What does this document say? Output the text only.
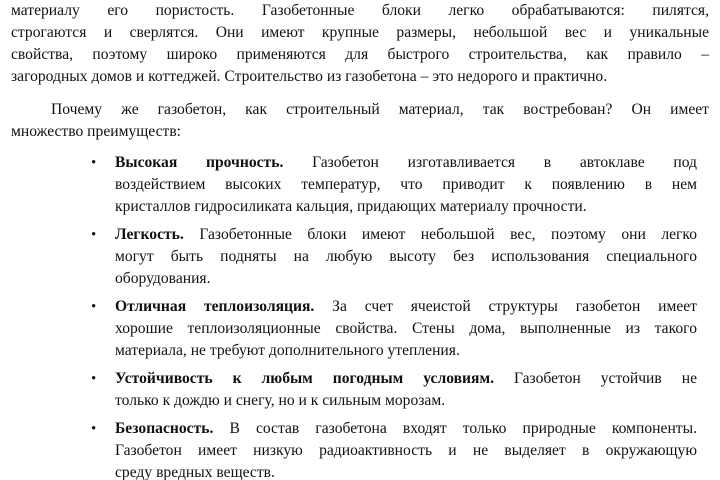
материалу его пористость. Газобетонные блоки легко обрабатываются: пилятся,
строгаются и сверлятся. Они имеют крупные размеры, небольшой вес и уникальные
свойства, поэтому широко применяются для быстрого строительства, как правило –
загородных домов и коттеджей. Строительство из газобетона – это недорого и практично.

Почему же газобетон, как строительный материал, так востребован? Он имеет
множество преимуществ:

• Высокая прочность. Газобетон изготавливается в автоклаве под
воздействием высоких температур, что приводит к появлению в нем
кристаллов гидросиликата кальция, придающих материалу прочности.
• Легкость. Газобетонные блоки имеют небольшой вес, поэтому они легко
могут быть подняты на любую высоту без использования специального
оборудования.
• Отличная теплоизоляция. За счет ячеистой структуры газобетон имеет
хорошие теплоизоляционные свойства. Стены дома, выполненные из такого
материала, не требуют дополнительного утепления.
• Устойчивость к любым погодным условиям. Газобетон устойчив не
только к дождю и снегу, но и к сильным морозам.
• Безопасность. В состав газобетона входят только природные компоненты.
Газобетон имеет низкую радиоактивность и не выделяет в окружающую
среду вредных веществ.
